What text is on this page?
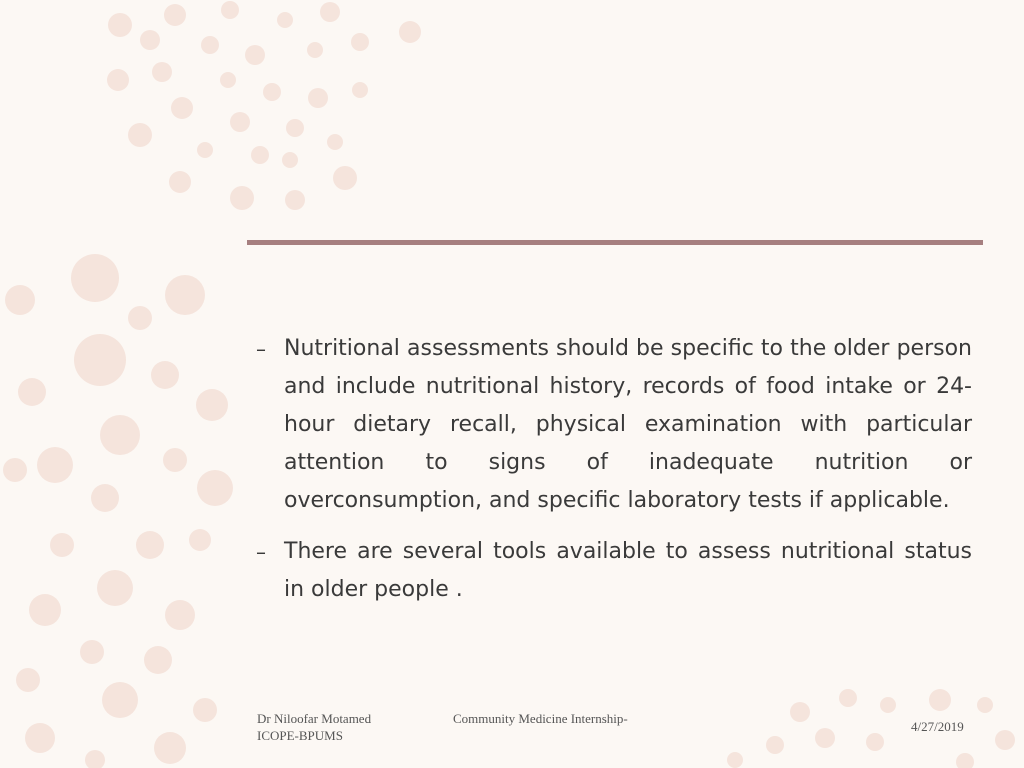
– Nutritional assessments should be specific to the older person and include nutritional history, records of food intake or 24-hour dietary recall, physical examination with particular attention to signs of inadequate nutrition or overconsumption, and specific laboratory tests if applicable.
– There are several tools available to assess nutritional status in older people .
Dr Niloofar Motamed
ICOPE-BPUMS
Community Medicine Internship-
4/27/2019
